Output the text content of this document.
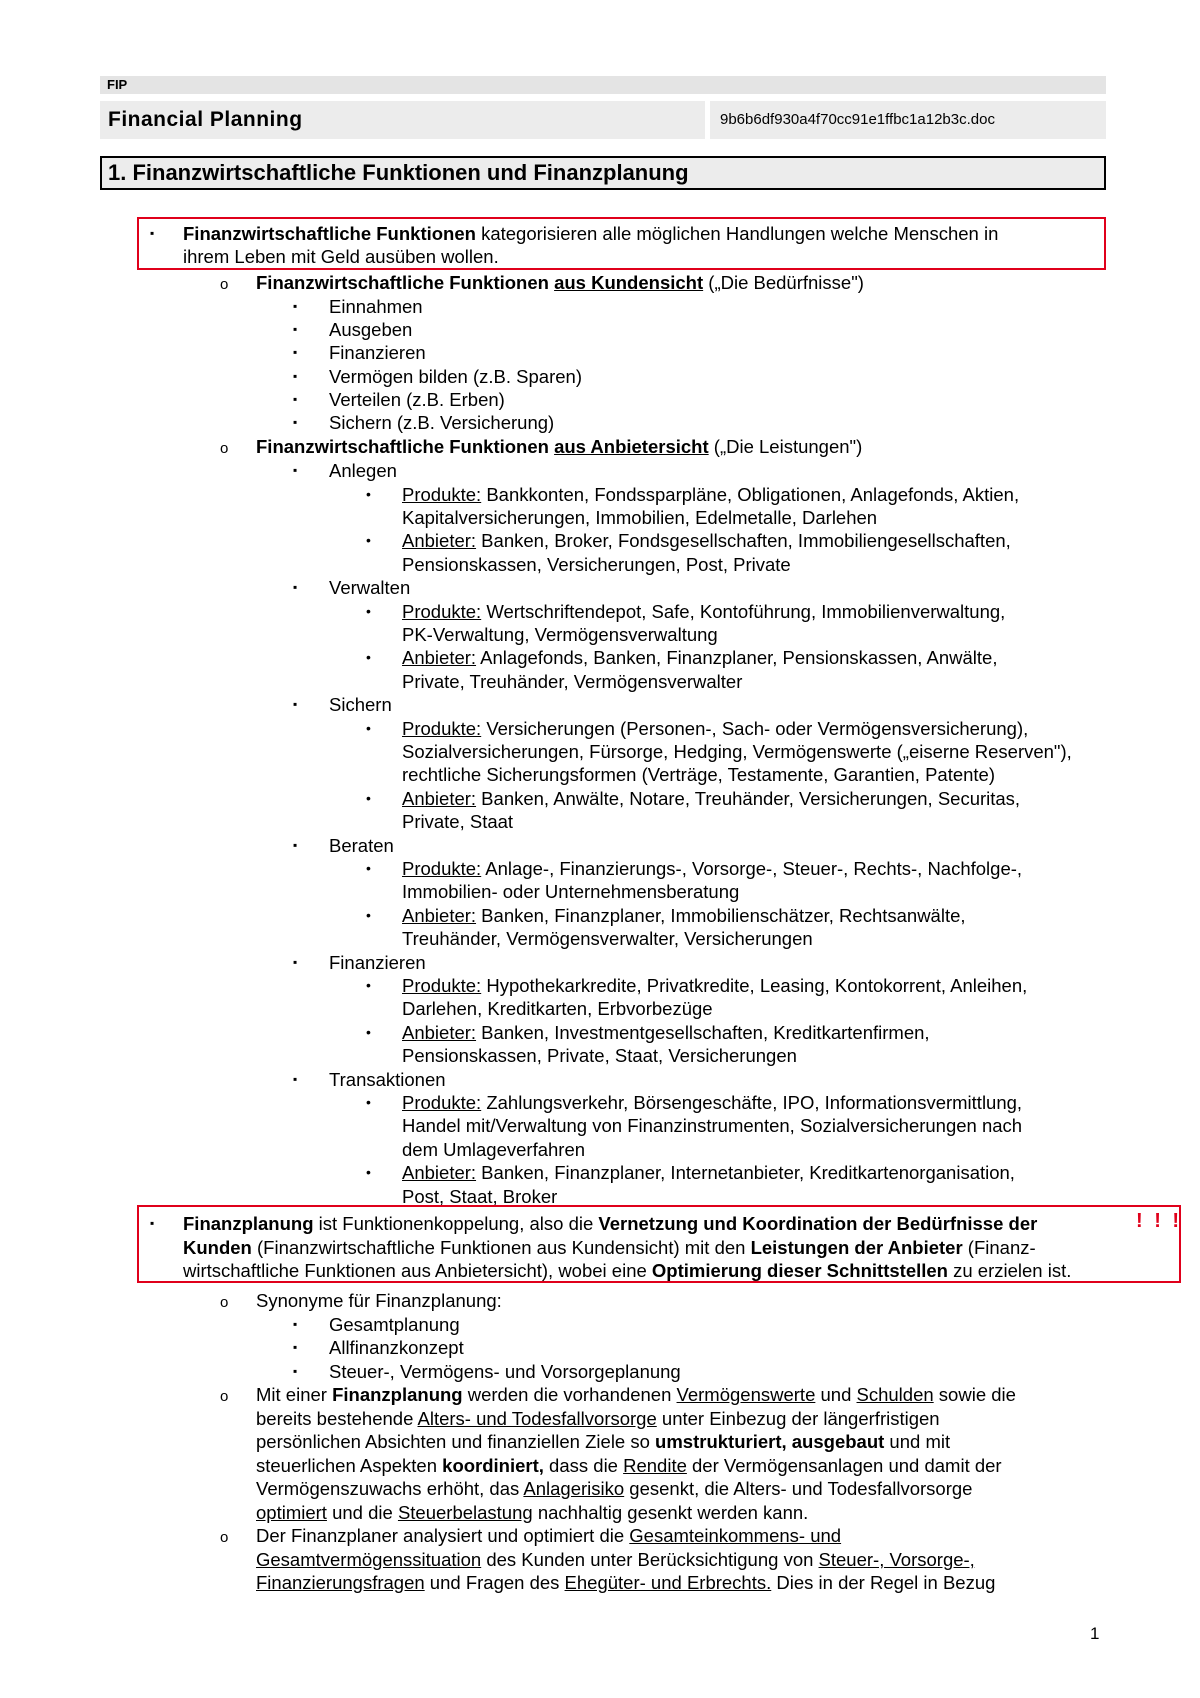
FIP
Financial Planning	9b6b6df930a4f70cc91e1ffbc1a12b3c.doc
1. Finanzwirtschaftliche Funktionen und Finanzplanung
▪ Finanzwirtschaftliche Funktionen kategorisieren alle möglichen Handlungen welche Menschen in
ihrem Leben mit Geld ausüben wollen.
o Finanzwirtschaftliche Funktionen aus Kundensicht („Die Bedürfnisse")
▪ Einnahmen
▪ Ausgeben
▪ Finanzieren
▪ Vermögen bilden (z.B. Sparen)
▪ Verteilen (z.B. Erben)
▪ Sichern (z.B. Versicherung)
o Finanzwirtschaftliche Funktionen aus Anbietersicht („Die Leistungen")
▪ Anlegen
• Produkte: Bankkonten, Fondssparpläne, Obligationen, Anlagefonds, Aktien,
Kapitalversicherungen, Immobilien, Edelmetalle, Darlehen
• Anbieter: Banken, Broker, Fondsgesellschaften, Immobiliengesellschaften,
Pensionskassen, Versicherungen, Post, Private
▪ Verwalten
• Produkte: Wertschriftendepot, Safe, Kontoführung, Immobilienverwaltung,
PK-Verwaltung, Vermögensverwaltung
• Anbieter: Anlagefonds, Banken, Finanzplaner, Pensionskassen, Anwälte,
Private, Treuhänder, Vermögensverwalter
▪ Sichern
• Produkte: Versicherungen (Personen-, Sach- oder Vermögensversicherung),
Sozialversicherungen, Fürsorge, Hedging, Vermögenswerte („eiserne Reserven"),
rechtliche Sicherungsformen (Verträge, Testamente, Garantien, Patente)
• Anbieter: Banken, Anwälte, Notare, Treuhänder, Versicherungen, Securitas,
Private, Staat
▪ Beraten
• Produkte: Anlage-, Finanzierungs-, Vorsorge-, Steuer-, Rechts-, Nachfolge-,
Immobilien- oder Unternehmensberatung
• Anbieter: Banken, Finanzplaner, Immobilienschätzer, Rechtsanwälte,
Treuhänder, Vermögensverwalter, Versicherungen
▪ Finanzieren
• Produkte: Hypothekarkredite, Privatkredite, Leasing, Kontokorrent, Anleihen,
Darlehen, Kreditkarten, Erbvorbezüge
• Anbieter: Banken, Investmentgesellschaften, Kreditkartenfirmen,
Pensionskassen, Private, Staat, Versicherungen
▪ Transaktionen
• Produkte: Zahlungsverkehr, Börsengeschäfte, IPO, Informationsvermittlung,
Handel mit/Verwaltung von Finanzinstrumenten, Sozialversicherungen nach
dem Umlageverfahren
• Anbieter: Banken, Finanzplaner, Internetanbieter, Kreditkartenorganisation,
Post, Staat, Broker
! ! !
▪ Finanzplanung ist Funktionenkoppelung, also die Vernetzung und Koordination der Bedürfnisse der
Kunden (Finanzwirtschaftliche Funktionen aus Kundensicht) mit den Leistungen der Anbieter (Finanz-
wirtschaftliche Funktionen aus Anbietersicht), wobei eine Optimierung dieser Schnittstellen zu erzielen ist.
o Synonyme für Finanzplanung:
▪ Gesamtplanung
▪ Allfinanzkonzept
▪ Steuer-, Vermögens- und Vorsorgeplanung
o Mit einer Finanzplanung werden die vorhandenen Vermögenswerte und Schulden sowie die
bereits bestehende Alters- und Todesfallvorsorge unter Einbezug der längerfristigen
persönlichen Absichten und finanziellen Ziele so umstrukturiert, ausgebaut und mit
steuerlichen Aspekten koordiniert, dass die Rendite der Vermögensanlagen und damit der
Vermögenszuwachs erhöht, das Anlagerisiko gesenkt, die Alters- und Todesfallvorsorge
optimiert und die Steuerbelastung nachhaltig gesenkt werden kann.
o Der Finanzplaner analysiert und optimiert die Gesamteinkommens- und
Gesamtvermögenssituation des Kunden unter Berücksichtigung von Steuer-, Vorsorge-,
Finanzierungsfragen und Fragen des Ehegüter- und Erbrechts. Dies in der Regel in Bezug
1
